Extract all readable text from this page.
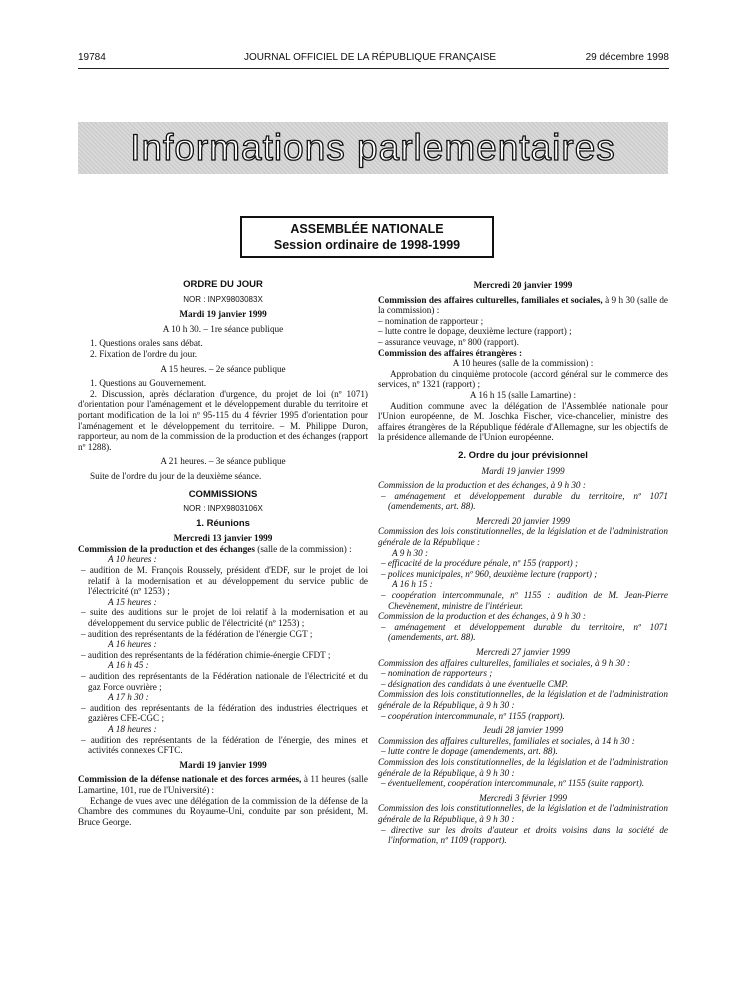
19784	JOURNAL OFFICIEL DE LA RÉPUBLIQUE FRANÇAISE	29 décembre 1998
Informations parlementaires
ASSEMBLÉE NATIONALE
Session ordinaire de 1998-1999

ORDRE DU JOUR

NOR : INPX9803083X

Mardi 19 janvier 1999

A 10 h 30. – 1re séance publique

1. Questions orales sans débat.

2. Fixation de l'ordre du jour.

A 15 heures. – 2e séance publique

1. Questions au Gouvernement.

2. Discussion, après déclaration d'urgence, du projet de loi (nº 1071) d'orientation pour l'aménagement et le développement durable du territoire et portant modification de la loi nº 95-115 du 4 février 1995 d'orientation pour l'aménagement et le développement du territoire. – M. Philippe Duron, rapporteur, au nom de la commission de la production et des échanges (rapport nº 1288).

A 21 heures. – 3e séance publique

Suite de l'ordre du jour de la deuxième séance.

COMMISSIONS

NOR : INPX9803106X

1. Réunions

Mercredi 13 janvier 1999

Commission de la production et des échanges (salle de la commission) :

A 10 heures :

– audition de M. François Roussely, président d'EDF, sur le projet de loi relatif à la modernisation et au développement du service public de l'électricité (nº 1253) ;

A 15 heures :

– suite des auditions sur le projet de loi relatif à la modernisation et au développement du service public de l'électricité (nº 1253) ;

– audition des représentants de la fédération de l'énergie CGT ;

A 16 heures :

– audition des représentants de la fédération chimie-énergie CFDT ;

A 16 h 45 :

– audition des représentants de la Fédération nationale de l'électricité et du gaz Force ouvrière ;

A 17 h 30 :

– audition des représentants de la fédération des industries électriques et gazières CFE-CGC ;

A 18 heures :

– audition des représentants de la fédération de l'énergie, des mines et activités connexes CFTC.

Mardi 19 janvier 1999

Commission de la défense nationale et des forces armées, à 11 heures (salle Lamartine, 101, rue de l'Université) :

Echange de vues avec une délégation de la commission de la défense de la Chambre des communes du Royaume-Uni, conduite par son président, M. Bruce George.

Mercredi 20 janvier 1999

Commission des affaires culturelles, familiales et sociales, à 9 h 30 (salle de la commission) :

– nomination de rapporteur ;

– lutte contre le dopage, deuxième lecture (rapport) ;

– assurance veuvage, nº 800 (rapport).

Commission des affaires étrangères :

A 10 heures (salle de la commission) :

Approbation du cinquième protocole (accord général sur le commerce des services, nº 1321 (rapport) ;

A 16 h 15 (salle Lamartine) :

Audition commune avec la délégation de l'Assemblée nationale pour l'Union européenne, de M. Joschka Fischer, vice-chancelier, ministre des affaires étrangères de la République fédérale d'Allemagne, sur les objectifs de la présidence allemande de l'Union européenne.

2. Ordre du jour prévisionnel

Mardi 19 janvier 1999

Commission de la production et des échanges, à 9 h 30 :

– aménagement et développement durable du territoire, nº 1071 (amendements, art. 88).

Mercredi 20 janvier 1999

Commission des lois constitutionnelles, de la législation et de l'administration générale de la République :

A 9 h 30 :

– efficacité de la procédure pénale, nº 155 (rapport) ;

– polices municipales, nº 960, deuxième lecture (rapport) ;

A 16 h 15 :

– coopération intercommunale, nº 1155 : audition de M. Jean-Pierre Chevènement, ministre de l'intérieur.

Commission de la production et des échanges, à 9 h 30 :

– aménagement et développement durable du territoire, nº 1071 (amendements, art. 88).

Mercredi 27 janvier 1999

Commission des affaires culturelles, familiales et sociales, à 9 h 30 :

– nomination de rapporteurs ;

– désignation des candidats à une éventuelle CMP.

Commission des lois constitutionnelles, de la législation et de l'administration générale de la République, à 9 h 30 :

– coopération intercommunale, nº 1155 (rapport).

Jeudi 28 janvier 1999

Commission des affaires culturelles, familiales et sociales, à 14 h 30 :

– lutte contre le dopage (amendements, art. 88).

Commission des lois constitutionnelles, de la législation et de l'administration générale de la République, à 9 h 30 :

– éventuellement, coopération intercommunale, nº 1155 (suite rapport).

Mercredi 3 février 1999

Commission des lois constitutionnelles, de la législation et de l'administration générale de la République, à 9 h 30 :

– directive sur les droits d'auteur et droits voisins dans la société de l'information, nº 1109 (rapport).
